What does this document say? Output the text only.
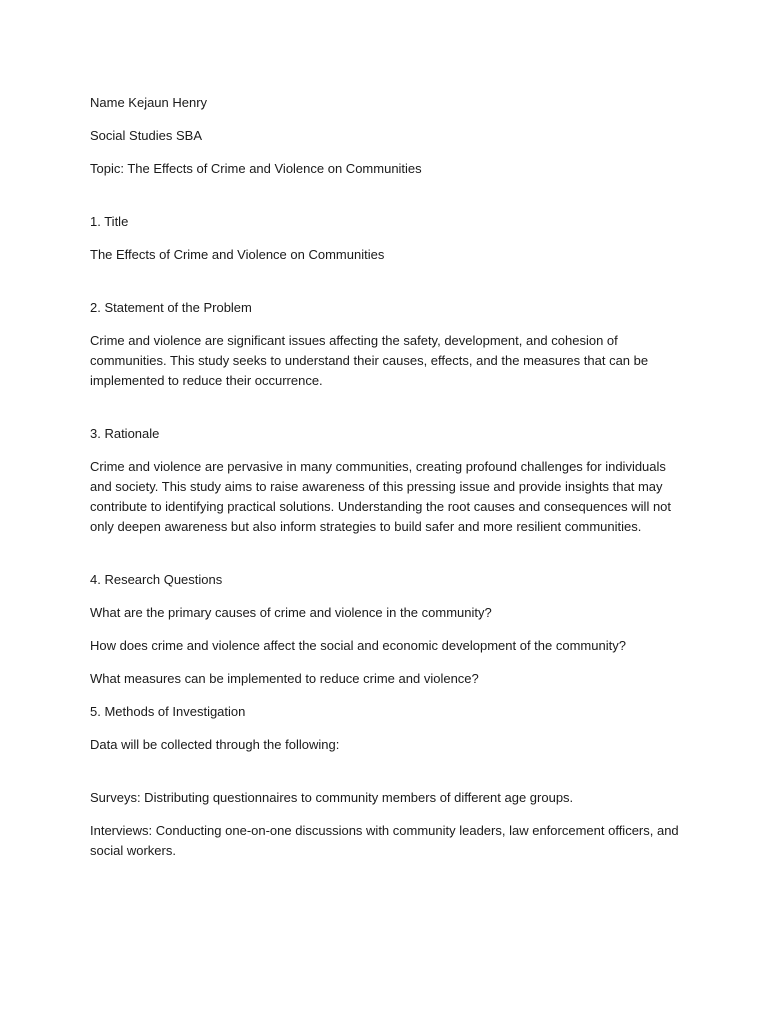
Name Kejaun Henry

Social Studies SBA

Topic: The Effects of Crime and Violence on Communities

1. Title

The Effects of Crime and Violence on Communities

2. Statement of the Problem

Crime and violence are significant issues affecting the safety, development, and cohesion of communities. This study seeks to understand their causes, effects, and the measures that can be implemented to reduce their occurrence.

3. Rationale

Crime and violence are pervasive in many communities, creating profound challenges for individuals and society. This study aims to raise awareness of this pressing issue and provide insights that may contribute to identifying practical solutions. Understanding the root causes and consequences will not only deepen awareness but also inform strategies to build safer and more resilient communities.

4. Research Questions

What are the primary causes of crime and violence in the community?

How does crime and violence affect the social and economic development of the community?

What measures can be implemented to reduce crime and violence?

5. Methods of Investigation

Data will be collected through the following:

Surveys: Distributing questionnaires to community members of different age groups.

Interviews: Conducting one-on-one discussions with community leaders, law enforcement officers, and social workers.
